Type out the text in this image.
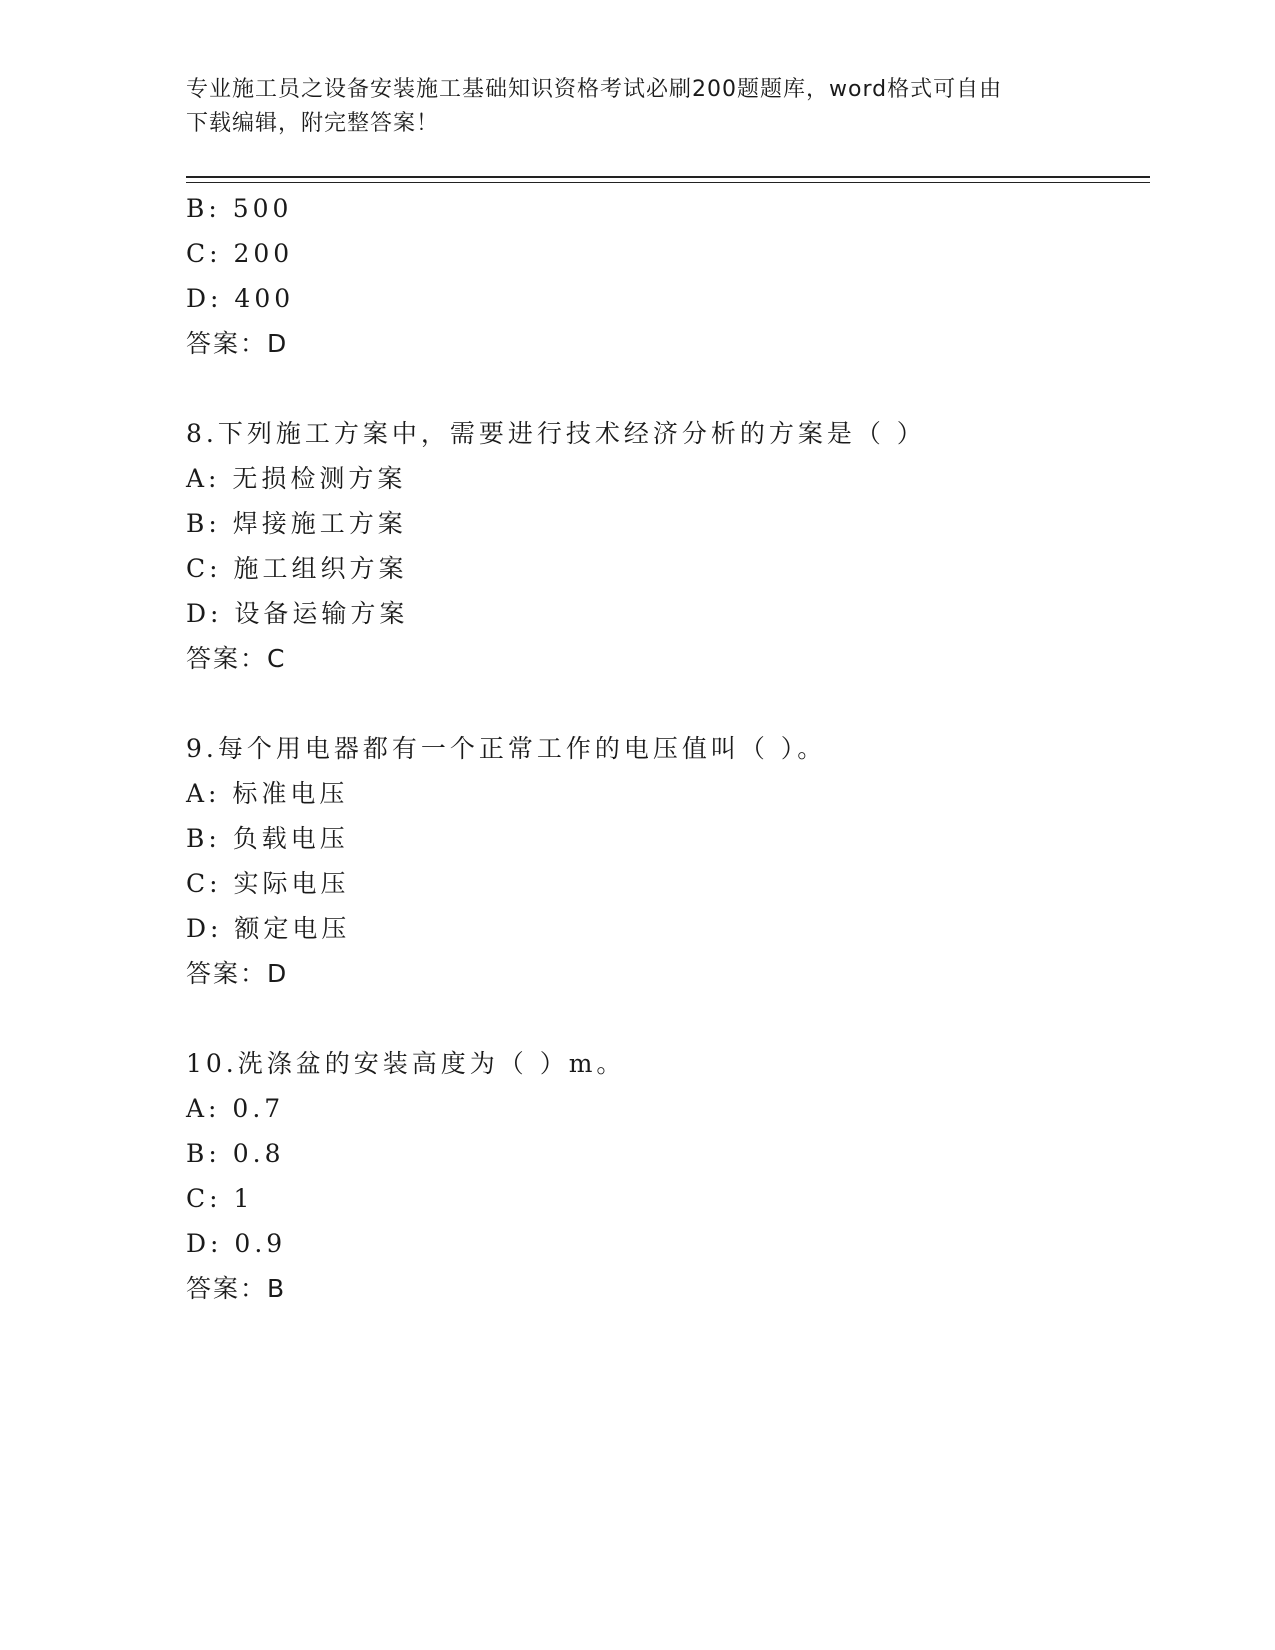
专业施工员之设备安装施工基础知识资格考试必刷200题题库，word格式可自由
下载编辑，附完整答案！
B: 500
C: 200
D: 400
答案：D
8.下列施工方案中，需要进行技术经济分析的方案是（ ）
A: 无损检测方案
B: 焊接施工方案
C: 施工组织方案
D: 设备运输方案
答案：C
9.每个用电器都有一个正常工作的电压值叫（ ）。
A: 标准电压
B: 负载电压
C: 实际电压
D: 额定电压
答案：D
10.洗涤盆的安装高度为（ ）m。
A: 0.7
B: 0.8
C: 1
D: 0.9
答案：B
